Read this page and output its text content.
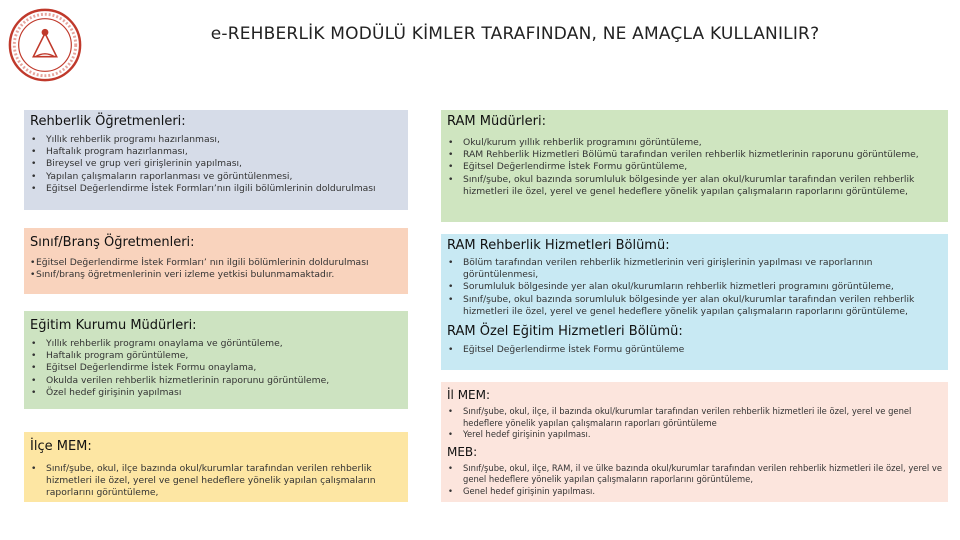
e-REHBERLİK MODÜLÜ KİMLER TARAFINDAN, NE AMAÇLA KULLANILIR?
Rehberlik Öğretmenleri:
• Yıllık rehberlik programı hazırlanması,
• Haftalık program hazırlanması,
• Bireysel ve grup veri girişlerinin yapılması,
• Yapılan çalışmaların raporlanması ve görüntülenmesi,
• Eğitsel Değerlendirme İstek Formları’nın ilgili bölümlerinin doldurulması
Sınıf/Branş Öğretmenleri:
• Eğitsel Değerlendirme İstek Formları’ nın ilgili bölümlerinin doldurulması
• Sınıf/branş öğretmenlerinin veri izleme yetkisi bulunmamaktadır.
Eğitim Kurumu Müdürleri:
• Yıllık rehberlik programı onaylama ve görüntüleme,
• Haftalık program görüntüleme,
• Eğitsel Değerlendirme İstek Formu onaylama,
• Okulda verilen rehberlik hizmetlerinin raporunu görüntüleme,
• Özel hedef girişinin yapılması
İlçe MEM:
• Sınıf/şube, okul, ilçe bazında okul/kurumlar tarafından verilen rehberlik hizmetleri ile özel, yerel ve genel hedeflere yönelik yapılan çalışmaların raporlarını görüntüleme,
RAM Müdürleri:
• Okul/kurum yıllık rehberlik programını görüntüleme,
• RAM Rehberlik Hizmetleri Bölümü tarafından verilen rehberlik hizmetlerinin raporunu görüntüleme,
• Eğitsel Değerlendirme İstek Formu görüntüleme,
• Sınıf/şube, okul bazında sorumluluk bölgesinde yer alan okul/kurumlar tarafından verilen rehberlik hizmetleri ile özel, yerel ve genel hedeflere yönelik yapılan çalışmaların raporlarını görüntüleme,
RAM Rehberlik Hizmetleri Bölümü:
• Bölüm tarafından verilen rehberlik hizmetlerinin veri girişlerinin yapılması ve raporlarının görüntülenmesi,
• Sorumluluk bölgesinde yer alan okul/kurumların rehberlik hizmetleri programını görüntüleme,
• Sınıf/şube, okul bazında sorumluluk bölgesinde yer alan okul/kurumlar tarafından verilen rehberlik hizmetleri ile özel, yerel ve genel hedeflere yönelik yapılan çalışmaların raporlarını görüntüleme,
RAM Özel Eğitim Hizmetleri Bölümü:
• Eğitsel Değerlendirme İstek Formu görüntüleme
İl MEM:
• Sınıf/şube, okul, ilçe, il bazında okul/kurumlar tarafından verilen rehberlik hizmetleri ile özel, yerel ve genel hedeflere yönelik yapılan çalışmaların raporları görüntüleme
• Yerel hedef girişinin yapılması.
MEB:
• Sınıf/şube, okul, ilçe, RAM, il ve ülke bazında okul/kurumlar tarafından verilen rehberlik hizmetleri ile özel, yerel ve genel hedeflere yönelik yapılan çalışmaların raporlarını görüntüleme,
• Genel hedef girişinin yapılması.
